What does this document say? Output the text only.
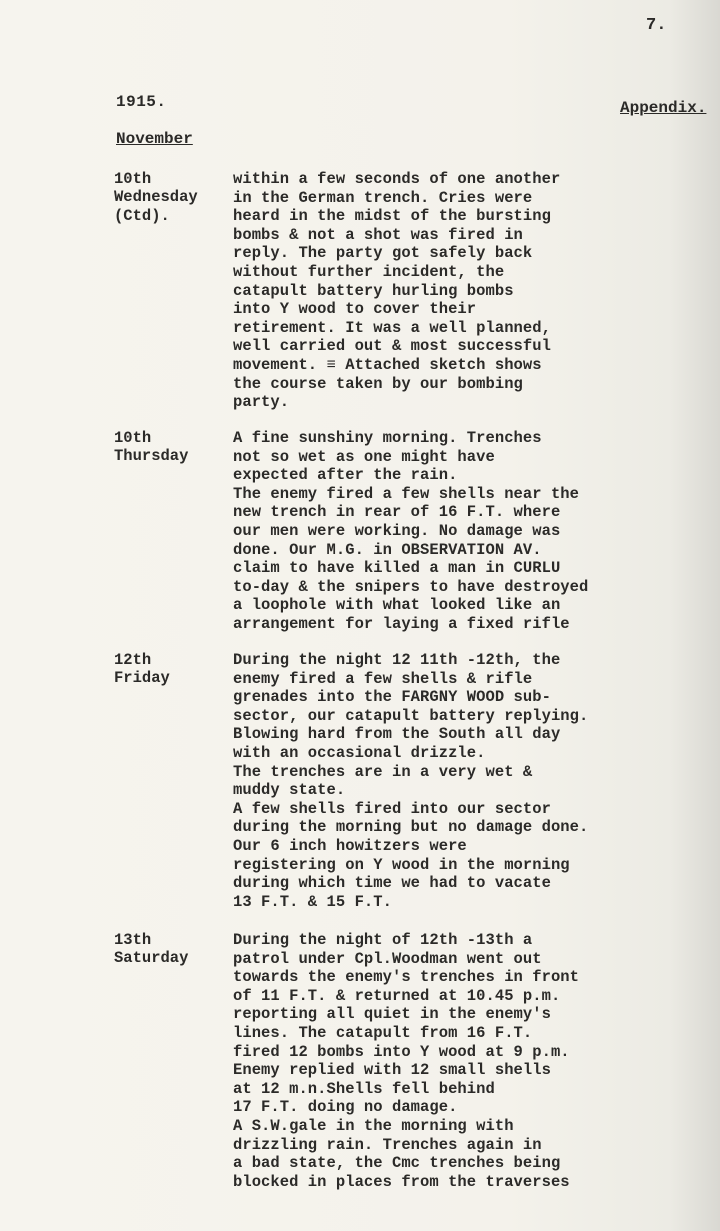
7.
1915.	Appendix.
November
10th
Wednesday
(Ctd).
within a few seconds of one another
in the German trench. Cries were
heard in the midst of the bursting
bombs & not a shot was fired in
reply. The party got safely back
without further incident, the
catapult battery hurling bombs
into Y wood to cover their
retirement. It was a well planned,
well carried out & most successful
movement. ≡ Attached sketch shows
the course taken by our bombing
party.
10th
Thursday
A fine sunshiny morning. Trenches
not so wet as one might have
expected after the rain.
The enemy fired a few shells near the
new trench in rear of 16 F.T. where
our men were working. No damage was
done. Our M.G. in OBSERVATION AV.
claim to have killed a man in CURLU
to-day & the snipers to have destroyed
a loophole with what looked like an
arrangement for laying a fixed rifle
12th
Friday
During the night 12 11th -12th, the
enemy fired a few shells & rifle
grenades into the FARGNY WOOD sub-
sector, our catapult battery replying.
Blowing hard from the South all day
with an occasional drizzle.
The trenches are in a very wet &
muddy state.
A few shells fired into our sector
during the morning but no damage done.
Our 6 inch howitzers were
registering on Y wood in the morning
during which time we had to vacate
13 F.T. & 15 F.T.
13th
Saturday
During the night of 12th -13th a
patrol under Cpl.Woodman went out
towards the enemy's trenches in front
of 11 F.T. & returned at 10.45 p.m.
reporting all quiet in the enemy's
lines. The catapult from 16 F.T.
fired 12 bombs into Y wood at 9 p.m.
Enemy replied with 12 small shells
at 12 m.n.Shells fell behind
17 F.T. doing no damage.
A S.W.gale in the morning with
drizzling rain. Trenches again in
a bad state, the Cmc trenches being
blocked in places from the traverses
